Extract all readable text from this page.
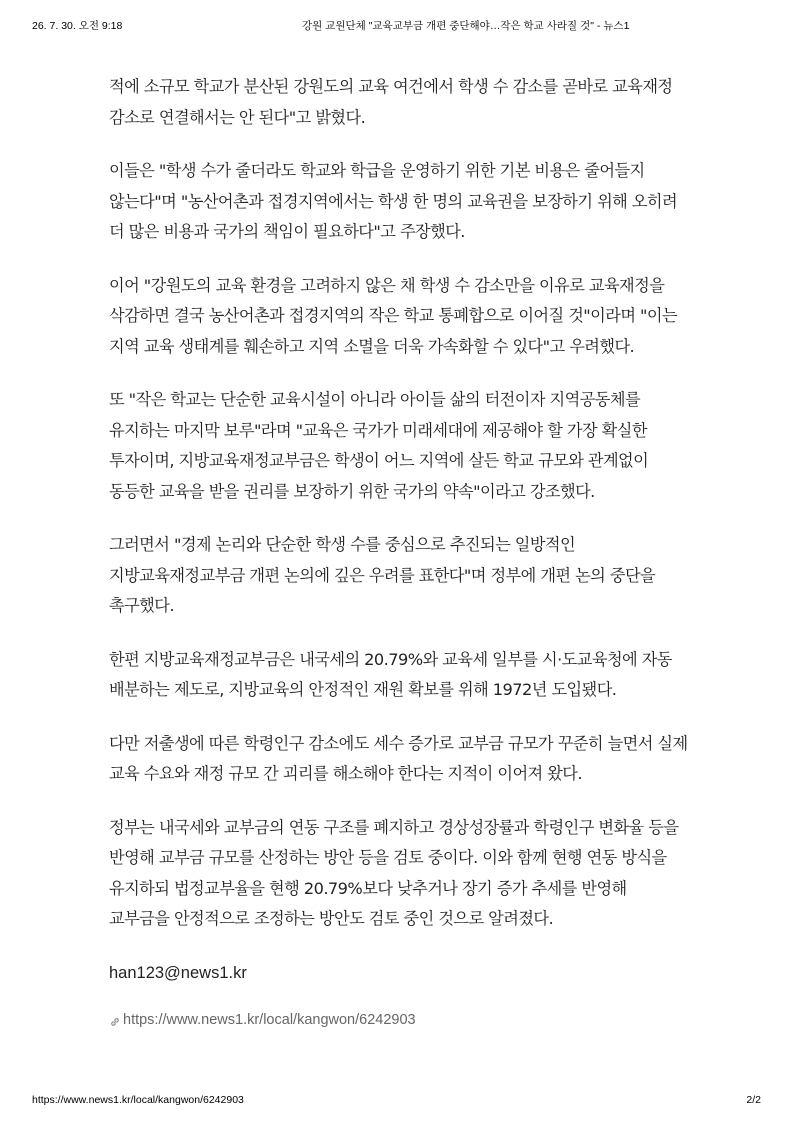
26. 7. 30. 오전 9:18	강원 교원단체 "교육교부금 개편 중단해야…작은 학교 사라질 것" - 뉴스1

적에 소규모 학교가 분산된 강원도의 교육 여건에서 학생 수 감소를 곧바로 교육재정 감소로 연결해서는 안 된다"고 밝혔다.

이들은 "학생 수가 줄더라도 학교와 학급을 운영하기 위한 기본 비용은 줄어들지 않는다"며 "농산어촌과 접경지역에서는 학생 한 명의 교육권을 보장하기 위해 오히려 더 많은 비용과 국가의 책임이 필요하다"고 주장했다.

이어 "강원도의 교육 환경을 고려하지 않은 채 학생 수 감소만을 이유로 교육재정을 삭감하면 결국 농산어촌과 접경지역의 작은 학교 통폐합으로 이어질 것"이라며 "이는 지역 교육 생태계를 훼손하고 지역 소멸을 더욱 가속화할 수 있다"고 우려했다.

또 "작은 학교는 단순한 교육시설이 아니라 아이들 삶의 터전이자 지역공동체를 유지하는 마지막 보루"라며 "교육은 국가가 미래세대에 제공해야 할 가장 확실한 투자이며, 지방교육재정교부금은 학생이 어느 지역에 살든 학교 규모와 관계없이 동등한 교육을 받을 권리를 보장하기 위한 국가의 약속"이라고 강조했다.

그러면서 "경제 논리와 단순한 학생 수를 중심으로 추진되는 일방적인 지방교육재정교부금 개편 논의에 깊은 우려를 표한다"며 정부에 개편 논의 중단을 촉구했다.

한편 지방교육재정교부금은 내국세의 20.79%와 교육세 일부를 시·도교육청에 자동 배분하는 제도로, 지방교육의 안정적인 재원 확보를 위해 1972년 도입됐다.

다만 저출생에 따른 학령인구 감소에도 세수 증가로 교부금 규모가 꾸준히 늘면서 실제 교육 수요와 재정 규모 간 괴리를 해소해야 한다는 지적이 이어져 왔다.

정부는 내국세와 교부금의 연동 구조를 폐지하고 경상성장률과 학령인구 변화율 등을 반영해 교부금 규모를 산정하는 방안 등을 검토 중이다. 이와 함께 현행 연동 방식을 유지하되 법정교부율을 현행 20.79%보다 낮추거나 장기 증가 추세를 반영해 교부금을 안정적으로 조정하는 방안도 검토 중인 것으로 알려졌다.

han123@news1.kr
https://www.news1.kr/local/kangwon/6242903
https://www.news1.kr/local/kangwon/6242903	2/2
